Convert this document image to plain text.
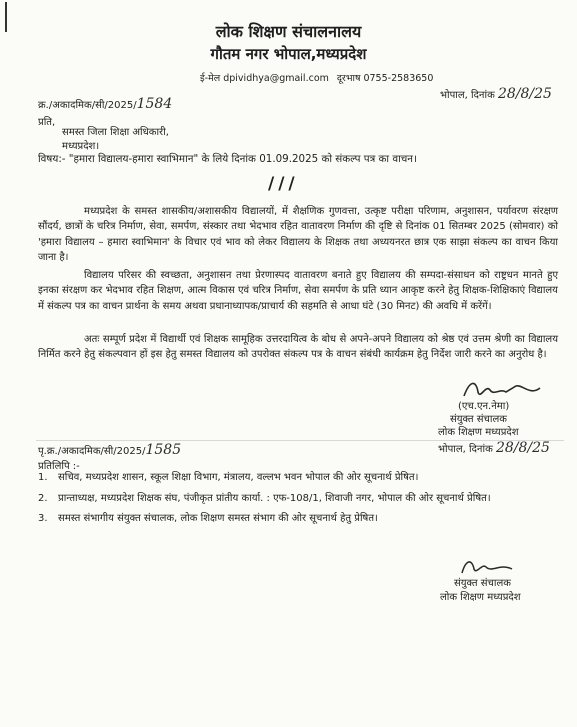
लोक शिक्षण संचालनालय
गौतम नगर भोपाल,मध्यप्रदेश
ई-मेल dpividhya@gmail.com दूरभाष 0755-2583650
भोपाल, दिनांक 28/8/25
क्र./अकादमिक/सी/2025/1584
प्रति,
समस्त जिला शिक्षा अधिकारी,
मध्यप्रदेश।
विषय:- "हमारा विद्यालय-हमारा स्वाभिमान" के लिये दिनांक 01.09.2025 को संकल्प पत्र का वाचन।
///
मध्यप्रदेश के समस्त शासकीय/अशासकीय विद्यालयों, में शैक्षणिक गुणवत्ता, उत्कृष्ट परीक्षा परिणाम, अनुशासन, पर्यावरण संरक्षण सौंदर्य, छात्रों के चरित्र निर्माण, सेवा, समर्पण, संस्कार तथा भेदभाव रहित वातावरण निर्माण की दृष्टि से दिनांक 01 सितम्बर 2025 (सोमवार) को 'हमारा विद्यालय – हमारा स्वाभिमान' के विचार एवं भाव को लेकर विद्यालय के शिक्षक तथा अध्ययनरत छात्र एक साझा संकल्प का वाचन किया जाना है।
विद्यालय परिसर की स्वच्छता, अनुशासन तथा प्रेरणास्पद वातावरण बनाते हुए विद्यालय की सम्पदा-संसाधन को राष्ट्रधन मानते हुए इनका संरक्षण कर भेदभाव रहित शिक्षण, आत्म विकास एवं चरित्र निर्माण, सेवा समर्पण के प्रति ध्यान आकृष्ट करने हेतु शिक्षक-शिक्षिकाएं विद्यालय में संकल्प पत्र का वाचन प्रार्थना के समय अथवा प्रधानाध्यापक/प्राचार्य की सहमति से आधा घंटे (30 मिनट) की अवधि में करेंगें।
अतः सम्पूर्ण प्रदेश में विद्यार्थी एवं शिक्षक सामूहिक उत्तरदायित्व के बोध से अपने-अपने विद्यालय को श्रेष्ठ एवं उत्तम श्रेणी का विद्यालय निर्मित करने हेतु संकल्पवान हों इस हेतु समस्त विद्यालय को उपरोक्त संकल्प पत्र के वाचन संबंधी कार्यक्रम हेतु निर्देश जारी करने का अनुरोध है।
(एच.एन.नेमा)
संयुक्त संचालक
लोक शिक्षण मध्यप्रदेश
भोपाल, दिनांक 28/8/25
पृ.क्र./अकादमिक/सी/2025/1585
प्रतिलिपि :-
1.	सचिव, मध्यप्रदेश शासन, स्कूल शिक्षा विभाग, मंत्रालय, वल्लभ भवन भोपाल की ओर सूचनार्थ प्रेषित।
2.	प्रान्ताध्यक्ष, मध्यप्रदेश शिक्षक संघ, पंजीकृत प्रांतीय कार्या. : एफ-108/1, शिवाजी नगर, भोपाल की ओर सूचनार्थ प्रेषित।
3.	समस्त संभागीय संयुक्त संचालक, लोक शिक्षण समस्त संभाग की ओर सूचनार्थ हेतु प्रेषित।
संयुक्त संचालक
लोक शिक्षण मध्यप्रदेश
